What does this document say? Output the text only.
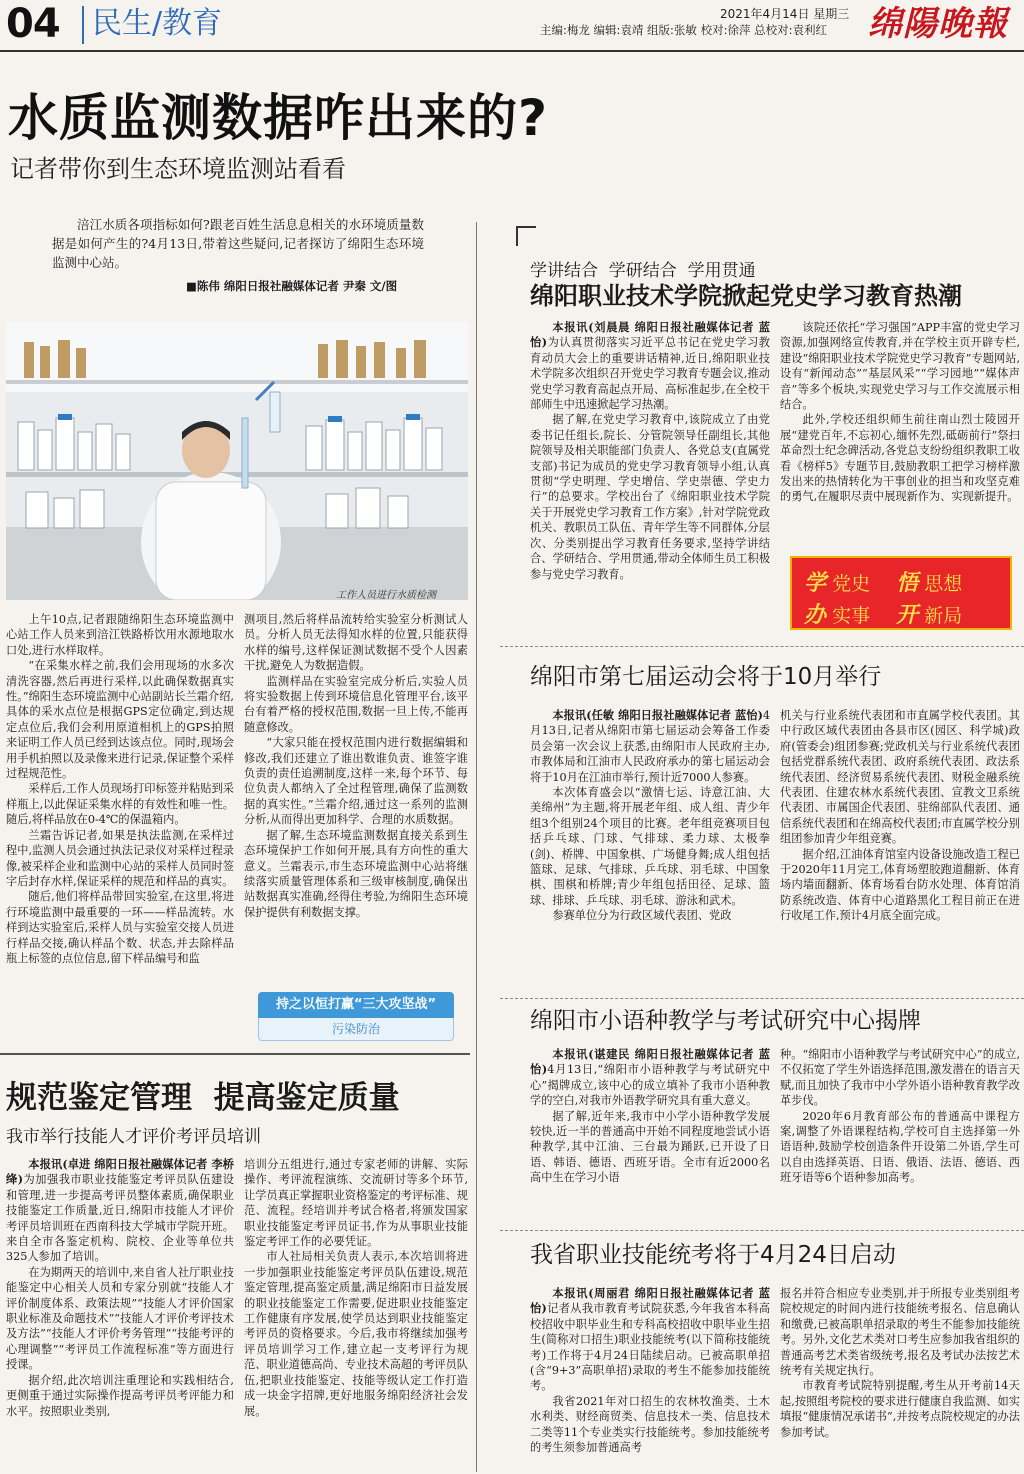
04 民生/教育	2021年4月14日 星期三
主编:梅龙 编辑:袁靖 组版:张敏 校对:徐萍 总校对:袁利红 绵陽晚報
水质监测数据咋出来的?
记者带你到生态环境监测站看看
涪江水质各项指标如何?跟老百姓生活息息相关的水环境质量数据是如何产生的?4月13日,带着这些疑问,记者探访了绵阳生态环境监测中心站。
■陈伟 绵阳日报社融媒体记者 尹秦 文/图
工作人员进行水质检测

上午10点,记者跟随绵阳生态环境监测中心站工作人员来到涪江铁路桥饮用水源地取水口处,进行水样取样。

“在采集水样之前,我们会用现场的水多次清洗容器,然后再进行采样,以此确保数据真实性。”绵阳生态环境监测中心站副站长兰霜介绍,具体的采水点位是根据GPS定位确定,到达规定点位后,我们会利用原道相机上的GPS拍照来证明工作人员已经到达该点位。同时,现场会用手机拍照以及录像来进行记录,保证整个采样过程规范性。

采样后,工作人员现场打印标签并粘贴到采样瓶上,以此保证采集水样的有效性和唯一性。随后,将样品放在0-4℃的保温箱内。

兰霜告诉记者,如果是执法监测,在采样过程中,监测人员会通过执法记录仪对采样过程录像,被采样企业和监测中心站的采样人员同时签字后封存水样,保证采样的规范和样品的真实。

随后,他们将样品带回实验室,在这里,将进行环境监测中最重要的一环——样品流转。水样到达实验室后,采样人员与实验室交接人员进行样品交接,确认样品个数、状态,并去除样品瓶上标签的点位信息,留下样品编号和监

测项目,然后将样品流转给实验室分析测试人员。分析人员无法得知水样的位置,只能获得水样的编号,这样保证测试数据不受个人因素干扰,避免人为数据造假。

监测样品在实验室完成分析后,实验人员将实验数据上传到环境信息化管理平台,该平台有着严格的授权范围,数据一旦上传,不能再随意修改。

“大家只能在授权范围内进行数据编辑和修改,我们还建立了谁出数谁负责、谁签字谁负责的责任追溯制度,这样一来,每个环节、每位负责人都纳入了全过程管理,确保了监测数据的真实性。”兰霜介绍,通过这一系列的监测分析,从而得出更加科学、合理的水质数据。

据了解,生态环境监测数据直接关系到生态环境保护工作如何开展,具有方向性的重大意义。兰霜表示,市生态环境监测中心站将继续落实质量管理体系和三级审核制度,确保出站数据真实准确,经得住考验,为绵阳生态环境保护提供有利数据支撑。

持之以恒打赢“三大攻坚战”
污染防治
规范鉴定管理  提高鉴定质量
我市举行技能人才评价考评员培训

本报讯(卓进 绵阳日报社融媒体记者 李桥绛)为加强我市职业技能鉴定考评员队伍建设和管理,进一步提高考评员整体素质,确保职业技能鉴定工作质量,近日,绵阳市技能人才评价考评员培训班在西南科技大学城市学院开班。来自全市各鉴定机构、院校、企业等单位共325人参加了培训。

在为期两天的培训中,来自省人社厅职业技能鉴定中心相关人员和专家分别就“技能人才评价制度体系、政策法规”“技能人才评价国家职业标准及命题技术”“技能人才评价考评技术及方法”“技能人才评价考务管理”“技能考评的心理调整”“考评员工作流程标准”等方面进行授课。

据介绍,此次培训注重理论和实践相结合,更侧重于通过实际操作提高考评员考评能力和水平。按照职业类别,

培训分五组进行,通过专家老师的讲解、实际操作、考评流程演练、交流研讨等多个环节,让学员真正掌握职业资格鉴定的考评标准、规范、流程。经培训并考试合格者,将颁发国家职业技能鉴定考评员证书,作为从事职业技能鉴定考评工作的必要凭证。

市人社局相关负责人表示,本次培训将进一步加强职业技能鉴定考评员队伍建设,规范鉴定管理,提高鉴定质量,满足绵阳市日益发展的职业技能鉴定工作需要,促进职业技能鉴定工作健康有序发展,使学员达到职业技能鉴定考评员的资格要求。今后,我市将继续加强考评员培训学习工作,建立起一支考评行为规范、职业道德高尚、专业技术高超的考评员队伍,把职业技能鉴定、技能等级认定工作打造成一块金字招牌,更好地服务绵阳经济社会发展。

学讲结合  学研结合  学用贯通
绵阳职业技术学院掀起党史学习教育热潮

本报讯(刘晨晨 绵阳日报社融媒体记者 蓝怡)为认真贯彻落实习近平总书记在党史学习教育动员大会上的重要讲话精神,近日,绵阳职业技术学院多次组织召开党史学习教育专题会议,推动党史学习教育高起点开局、高标准起步,在全校干部师生中迅速掀起学习热潮。

据了解,在党史学习教育中,该院成立了由党委书记任组长,院长、分管院领导任副组长,其他院领导及相关职能部门负责人、各党总支(直属党支部)书记为成员的党史学习教育领导小组,认真贯彻“学史明理、学史增信、学史崇德、学史力行”的总要求。学校出台了《绵阳职业技术学院关于开展党史学习教育工作方案》,针对学院党政机关、教职员工队伍、青年学生等不同群体,分层次、分类别提出学习教育任务要求,坚持学讲结合、学研结合、学用贯通,带动全体师生员工积极参与党史学习教育。

该院还依托“学习强国”APP丰富的党史学习资源,加强网络宣传教育,并在学校主页开辟专栏,建设“绵阳职业技术学院党史学习教育”专题网站,设有“新闻动态”“基层风采”“学习园地”“媒体声音”等多个板块,实现党史学习与工作交流展示相结合。

此外,学校还组织师生前往南山烈士陵园开展“建党百年,不忘初心,缅怀先烈,砥砺前行”祭扫革命烈士纪念碑活动,各党总支纷纷组织教职工收看《榜样5》专题节目,鼓励教职工把学习榜样激发出来的热情转化为干事创业的担当和攻坚克难的勇气,在履职尽责中展现新作为、实现新提升。

学 党史 悟 思想
办 实事 开 新局
绵阳市第七届运动会将于10月举行

本报讯(任敏 绵阳日报社融媒体记者 蓝怡)4月13日,记者从绵阳市第七届运动会筹备工作委员会第一次会议上获悉,由绵阳市人民政府主办,市教体局和江油市人民政府承办的第七届运动会将于10月在江油市举行,预计近7000人参赛。

本次体育盛会以“激情七运、诗意江油、大美绵州”为主题,将开展老年组、成人组、青少年组3个组别24个项目的比赛。老年组竞赛项目包括乒乓球、门球、气排球、柔力球、太极拳(剑)、桥牌、中国象棋、广场健身舞;成人组包括篮球、足球、气排球、乒乓球、羽毛球、中国象棋、围棋和桥牌;青少年组包括田径、足球、篮球、排球、乒乓球、羽毛球、游泳和武术。

参赛单位分为行政区域代表团、党政

机关与行业系统代表团和市直属学校代表团。其中行政区域代表团由各县市区(园区、科学城)政府(管委会)组团参赛;党政机关与行业系统代表团包括党群系统代表团、政府系统代表团、政法系统代表团、经济贸易系统代表团、财税金融系统代表团、住建农林水系统代表团、宣教文卫系统代表团、市属国企代表团、驻绵部队代表团、通信系统代表团和在绵高校代表团;市直属学校分别组团参加青少年组竞赛。

据介绍,江油体育馆室内设备设施改造工程已于2020年11月完工,体育场塑胶跑道翻新、体育场内墙面翻新、体育场看台防水处理、体育馆消防系统改造、体育中心道路黑化工程目前正在进行收尾工作,预计4月底全面完成。

绵阳市小语种教学与考试研究中心揭牌

本报讯(谌建民 绵阳日报社融媒体记者 蓝怡)4月13日,“绵阳市小语种教学与考试研究中心”揭牌成立,该中心的成立填补了我市小语种教学的空白,对我市外语教学研究具有重大意义。

据了解,近年来,我市中小学小语种教学发展较快,近一半的普通高中开始不同程度地尝试小语种教学,其中江油、三台最为踊跃,已开设了日语、韩语、德语、西班牙语。全市有近2000名高中生在学习小语

种。“绵阳市小语种教学与考试研究中心”的成立,不仅拓宽了学生外语选择范围,激发潜在的语言天赋,而且加快了我市中小学外语小语种教育教学改革步伐。

2020年6月教育部公布的普通高中课程方案,调整了外语课程结构,学校可自主选择第一外语语种,鼓励学校创造条件开设第二外语,学生可以自由选择英语、日语、俄语、法语、德语、西班牙语等6个语种参加高考。

我省职业技能统考将于4月24日启动

本报讯(周丽君 绵阳日报社融媒体记者 蓝怡)记者从我市教育考试院获悉,今年我省本科高校招收中职毕业生和专科高校招收中职毕业生招生(简称对口招生)职业技能统考(以下简称技能统考)工作将于4月24日陆续启动。已被高职单招(含“9+3”高职单招)录取的考生不能参加技能统考。

我省2021年对口招生的农林牧渔类、土木水利类、财经商贸类、信息技术一类、信息技术二类等11个专业类实行技能统考。参加技能统考的考生须参加普通高考

报名并符合相应专业类别,并于所报专业类别组考院校规定的时间内进行技能统考报名、信息确认和缴费,已被高职单招录取的考生不能参加技能统考。另外,文化艺术类对口考生应参加我省组织的普通高考艺术类省级统考,报名及考试办法按艺术统考有关规定执行。

市教育考试院特别提醒,考生从开考前14天起,按照组考院校的要求进行健康自我监测、如实填报“健康情况承诺书”,并按考点院校规定的办法参加考试。
